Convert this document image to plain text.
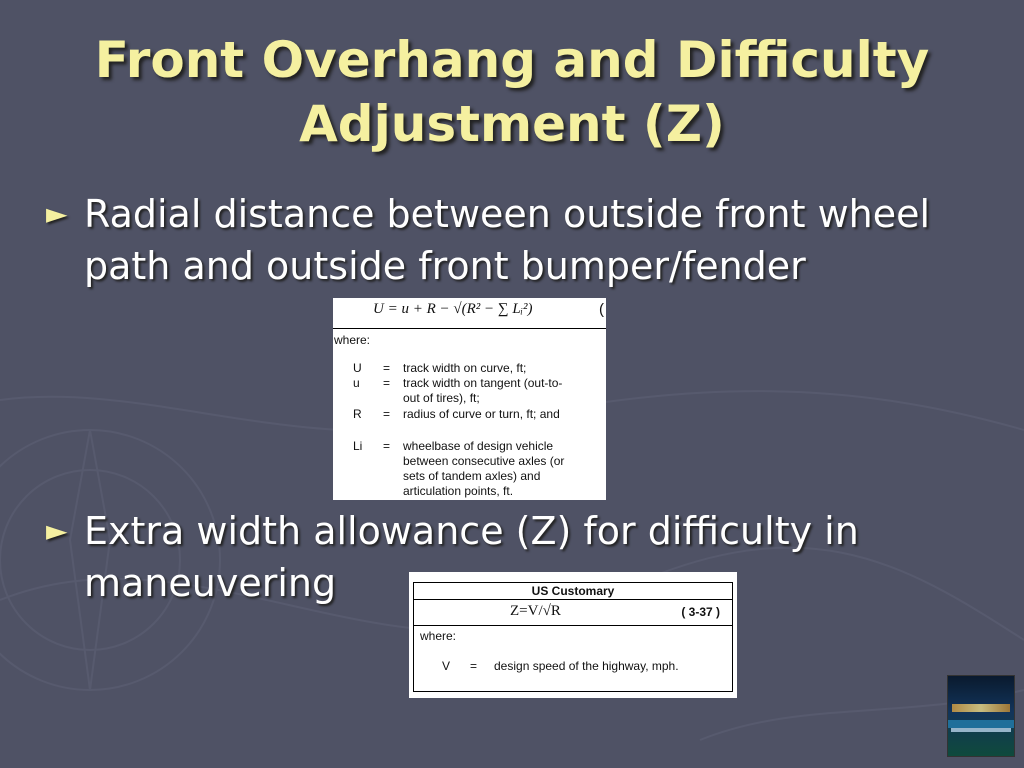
Front Overhang and Difficulty
Adjustment (Z)
► Radial distance between outside front wheel path and outside front bumper/fender
U = u + R − √(R² − ∑ Lᵢ²)	(
where:
U = track width on curve, ft;
u = track width on tangent (out-to-out of tires), ft;
R = radius of curve or turn, ft; and
Li = wheelbase of design vehicle between consecutive axles (or sets of tandem axles) and articulation points, ft.
► Extra width allowance (Z) for difficulty in maneuvering	US Customary
Z=V/√R	( 3-37 )
where:
V = design speed of the highway, mph.
